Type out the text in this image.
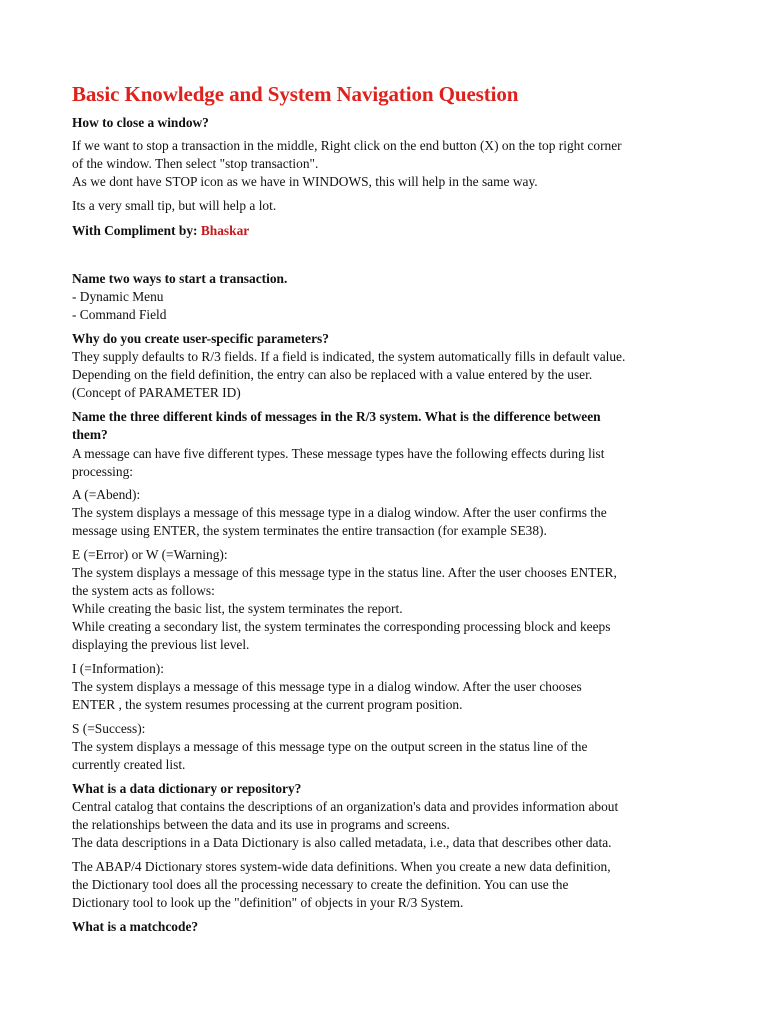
Basic Knowledge and System Navigation Question

How to close a window?

If we want to stop a transaction in the middle, Right click on the end button (X) on the top right corner
of the window. Then select "stop transaction".
As we dont have STOP icon as we have in WINDOWS, this will help in the same way.

Its a very small tip, but will help a lot.

With Compliment by: Bhaskar

Name two ways to start a transaction.

- Dynamic Menu
- Command Field

Why do you create user-specific parameters?

They supply defaults to R/3 fields. If a field is indicated, the system automatically fills in default value.
Depending on the field definition, the entry can also be replaced with a value entered by the user.
(Concept of PARAMETER ID)

Name the three different kinds of messages in the R/3 system. What is the difference between
them?

A message can have five different types. These message types have the following effects during list
processing:

A (=Abend):
The system displays a message of this message type in a dialog window. After the user confirms the
message using ENTER, the system terminates the entire transaction (for example SE38).

E (=Error) or W (=Warning):
The system displays a message of this message type in the status line. After the user chooses ENTER,
the system acts as follows:
While creating the basic list, the system terminates the report.
While creating a secondary list, the system terminates the corresponding processing block and keeps
displaying the previous list level.

I (=Information):
The system displays a message of this message type in a dialog window. After the user chooses
ENTER , the system resumes processing at the current program position.

S (=Success):
The system displays a message of this message type on the output screen in the status line of the
currently created list.

What is a data dictionary or repository?

Central catalog that contains the descriptions of an organization's data and provides information about
the relationships between the data and its use in programs and screens.
The data descriptions in a Data Dictionary is also called metadata, i.e., data that describes other data.

The ABAP/4 Dictionary stores system-wide data definitions. When you create a new data definition,
the Dictionary tool does all the processing necessary to create the definition. You can use the
Dictionary tool to look up the "definition" of objects in your R/3 System.

What is a matchcode?
